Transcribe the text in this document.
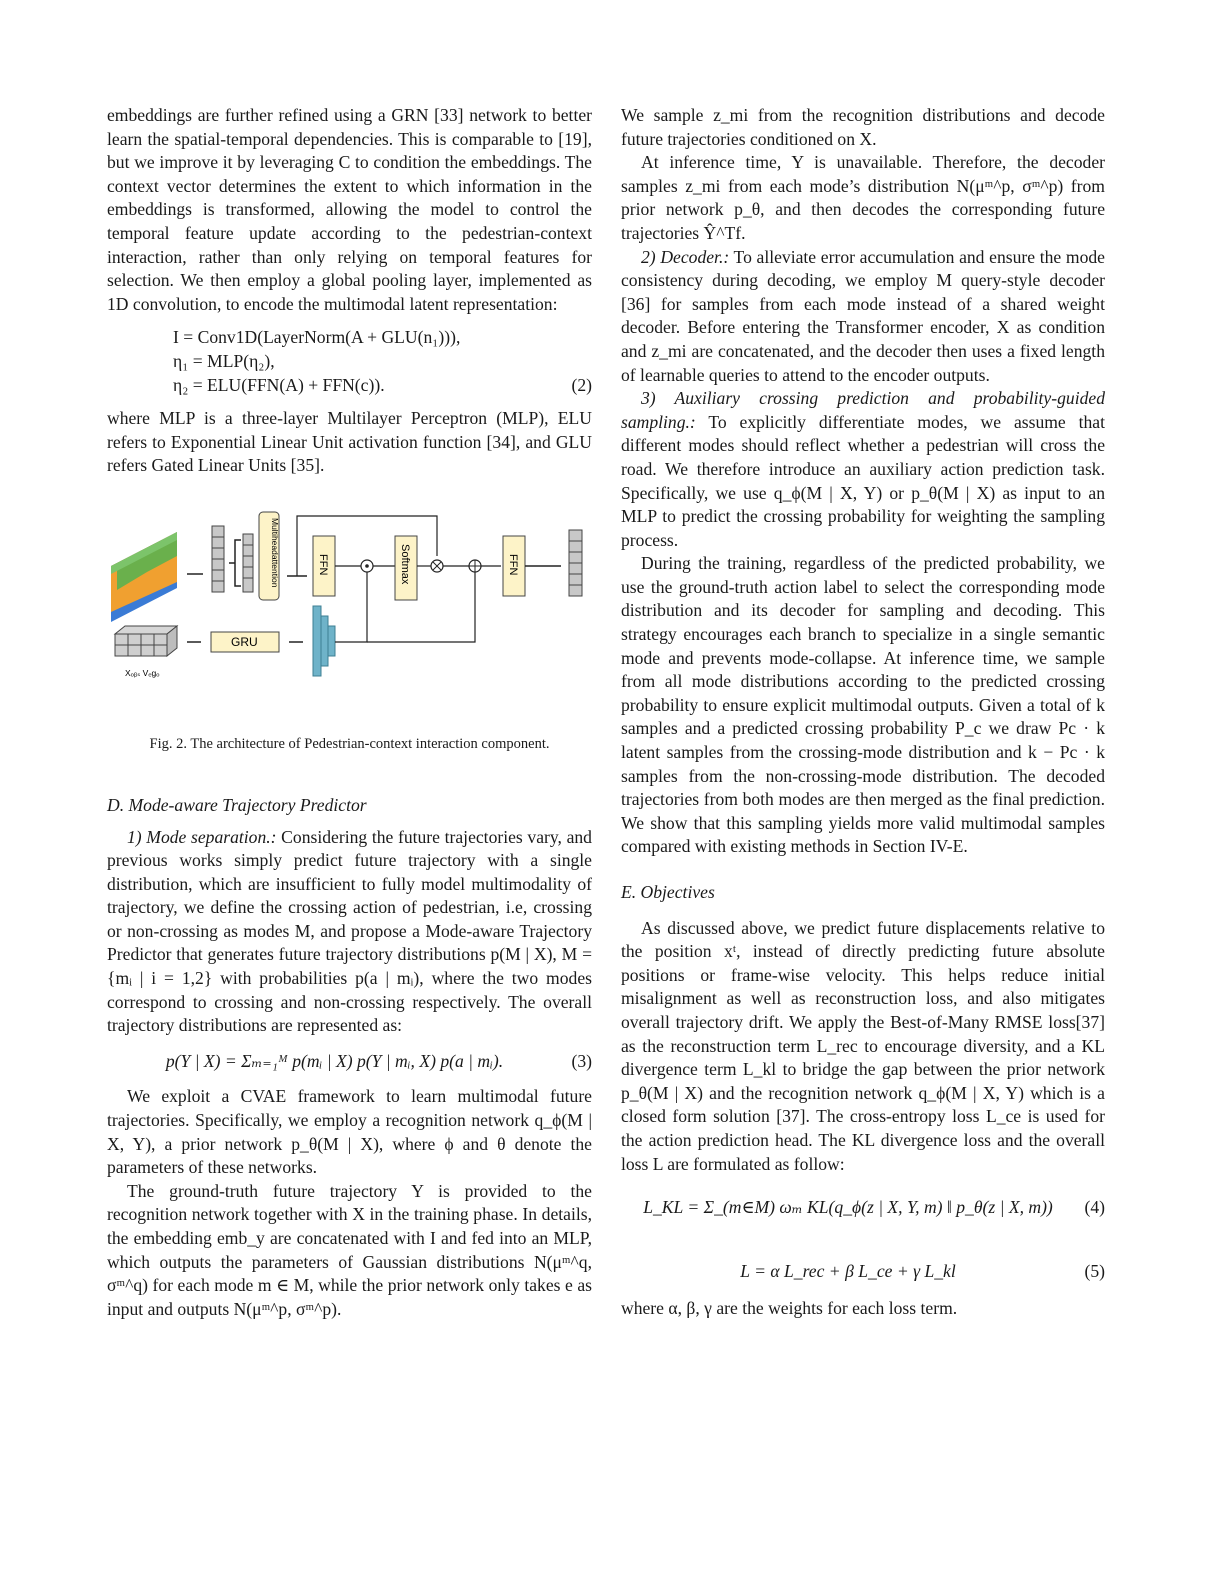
embeddings are further refined using a GRN [33] network to better learn the spatial-temporal dependencies. This is comparable to [19], but we improve it by leveraging C to condition the embeddings. The context vector determines the extent to which information in the embeddings is transformed, allowing the model to control the temporal feature update according to the pedestrian-context interaction, rather than only relying on temporal features for selection. We then employ a global pooling layer, implemented as 1D convolution, to encode the multimodal latent representation:

I = Conv1D(LayerNorm(A + GLU(n₁))),
η₁ = MLP(η₂),
η₂ = ELU(FFN(A) + FFN(c)).	(2)

where MLP is a three-layer Multilayer Perceptron (MLP), ELU refers to Exponential Linear Unit activation function [34], and GLU refers Gated Linear Units [35].

Multiheadattention	FFN	Softmax	FFN
Xₒᵦₛ Vₑgₒ
GRU
Fig. 2. The architecture of Pedestrian-context interaction component.

D. Mode-aware Trajectory Predictor

1) Mode separation.: Considering the future trajectories vary, and previous works simply predict future trajectory with a single distribution, which are insufficient to fully model multimodality of trajectory, we define the crossing action of pedestrian, i.e, crossing or non-crossing as modes M, and propose a Mode-aware Trajectory Predictor that generates future trajectory distributions p(M | X), M = {mᵢ | i = 1,2} with probabilities p(a | mᵢ), where the two modes correspond to crossing and non-crossing respectively. The overall trajectory distributions are represented as:

p(Y | X) = Σₘ₌₁ᴹ p(mᵢ | X) p(Y | mᵢ, X) p(a | mᵢ).	(3)

We exploit a CVAE framework to learn multimodal future trajectories. Specifically, we employ a recognition network q_ϕ(M | X, Y), a prior network p_θ(M | X), where ϕ and θ denote the parameters of these networks.

The ground-truth future trajectory Y is provided to the recognition network together with X in the training phase. In details, the embedding emb_y are concatenated with I and fed into an MLP, which outputs the parameters of Gaussian distributions N(μᵐ^q, σᵐ^q) for each mode m ∈ M, while the prior network only takes e as input and outputs N(μᵐ^p, σᵐ^p).

We sample z_mi from the recognition distributions and decode future trajectories conditioned on X.

At inference time, Y is unavailable. Therefore, the decoder samples z_mi from each mode’s distribution N(μᵐ^p, σᵐ^p) from prior network p_θ, and then decodes the corresponding future trajectories Ŷ^Tf.

2) Decoder.: To alleviate error accumulation and ensure the mode consistency during decoding, we employ M query-style decoder [36] for samples from each mode instead of a shared weight decoder. Before entering the Transformer encoder, X as condition and z_mi are concatenated, and the decoder then uses a fixed length of learnable queries to attend to the encoder outputs.

3) Auxiliary crossing prediction and probability-guided sampling.: To explicitly differentiate modes, we assume that different modes should reflect whether a pedestrian will cross the road. We therefore introduce an auxiliary action prediction task. Specifically, we use q_ϕ(M | X, Y) or p_θ(M | X) as input to an MLP to predict the crossing probability for weighting the sampling process.

During the training, regardless of the predicted probability, we use the ground-truth action label to select the corresponding mode distribution and its decoder for sampling and decoding. This strategy encourages each branch to specialize in a single semantic mode and prevents mode-collapse. At inference time, we sample from all mode distributions according to the predicted crossing probability to ensure explicit multimodal outputs. Given a total of k samples and a predicted crossing probability P_c we draw Pc · k latent samples from the crossing-mode distribution and k − Pc · k samples from the non-crossing-mode distribution. The decoded trajectories from both modes are then merged as the final prediction. We show that this sampling yields more valid multimodal samples compared with existing methods in Section IV-E.

E. Objectives

As discussed above, we predict future displacements relative to the position xᵗ, instead of directly predicting future absolute positions or frame-wise velocity. This helps reduce initial misalignment as well as reconstruction loss, and also mitigates overall trajectory drift. We apply the Best-of-Many RMSE loss[37] as the reconstruction term L_rec to encourage diversity, and a KL divergence term L_kl to bridge the gap between the prior network p_θ(M | X) and the recognition network q_ϕ(M | X, Y) which is a closed form solution [37]. The cross-entropy loss L_ce is used for the action prediction head. The KL divergence loss and the overall loss L are formulated as follow:

L_KL = Σ_(m∈M) ωₘ KL(q_ϕ(z | X, Y, m) ‖ p_θ(z | X, m))	(4)
L = α L_rec + β L_ce + γ L_kl	(5)

where α, β, γ are the weights for each loss term.
